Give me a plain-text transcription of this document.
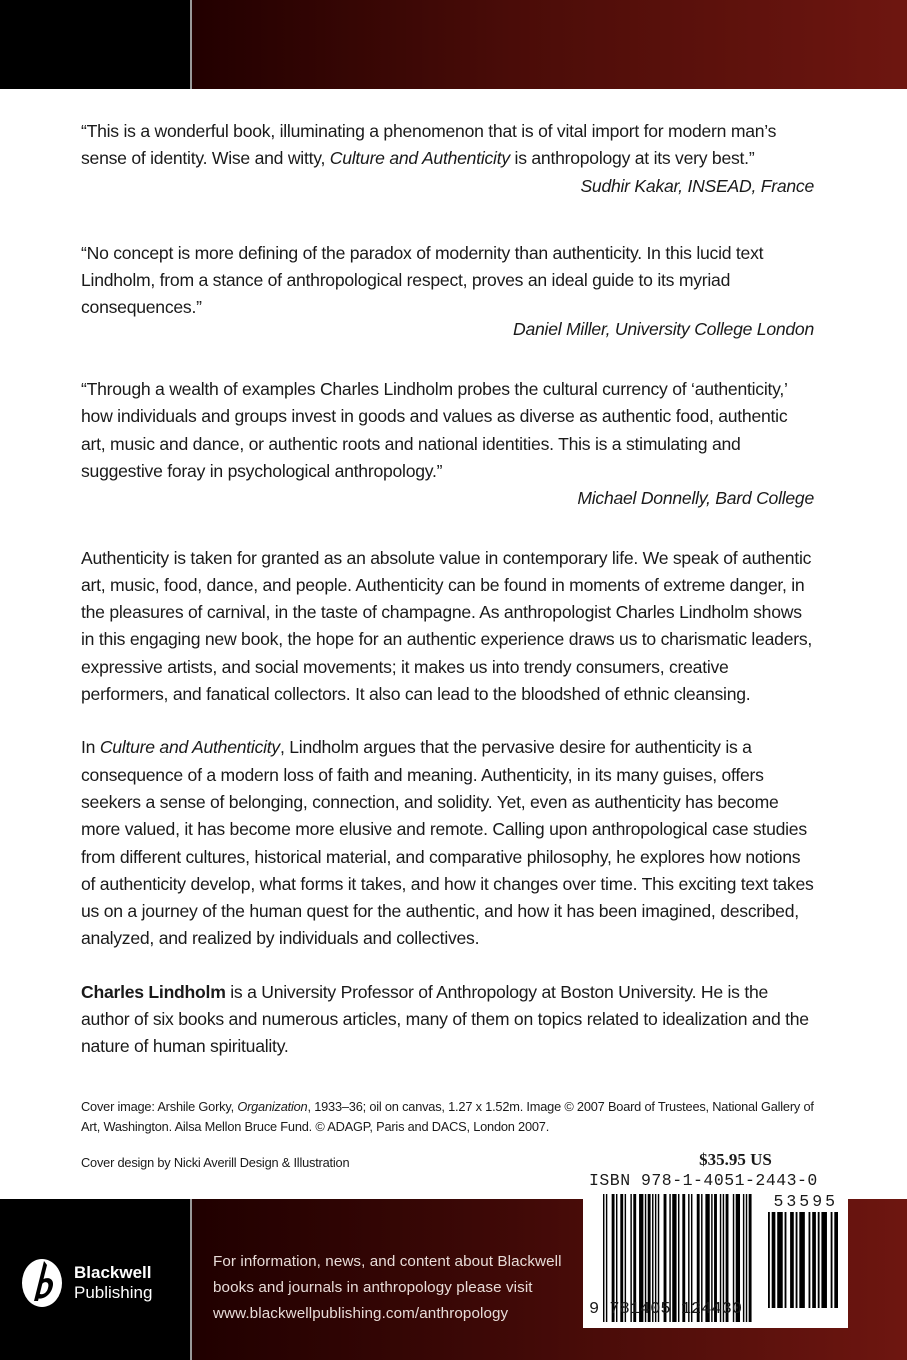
“This is a wonderful book, illuminating a phenomenon that is of vital import for modern man’s sense of identity. Wise and witty, Culture and Authenticity is anthropology at its very best.”

Sudhir Kakar, INSEAD, France

“No concept is more defining of the paradox of modernity than authenticity. In this lucid text Lindholm, from a stance of anthropological respect, proves an ideal guide to its myriad consequences.”

Daniel Miller, University College London

“Through a wealth of examples Charles Lindholm probes the cultural currency of ‘authenticity,’ how individuals and groups invest in goods and values as diverse as authentic food, authentic art, music and dance, or authentic roots and national identities. This is a stimulating and suggestive foray in psychological anthropology.”

Michael Donnelly, Bard College

Authenticity is taken for granted as an absolute value in contemporary life. We speak of authentic art, music, food, dance, and people. Authenticity can be found in moments of extreme danger, in the pleasures of carnival, in the taste of champagne. As anthropologist Charles Lindholm shows in this engaging new book, the hope for an authentic experience draws us to charismatic leaders, expressive artists, and social movements; it makes us into trendy consumers, creative performers, and fanatical collectors. It also can lead to the bloodshed of ethnic cleansing.

In Culture and Authenticity, Lindholm argues that the pervasive desire for authenticity is a consequence of a modern loss of faith and meaning. Authenticity, in its many guises, offers seekers a sense of belonging, connection, and solidity. Yet, even as authenticity has become more valued, it has become more elusive and remote. Calling upon anthropological case studies from different cultures, historical material, and comparative philosophy, he explores how notions of authenticity develop, what forms it takes, and how it changes over time. This exciting text takes us on a journey of the human quest for the authentic, and how it has been imagined, described, analyzed, and realized by individuals and collectives.

Charles Lindholm is a University Professor of Anthropology at Boston University. He is the author of six books and numerous articles, many of them on topics related to idealization and the nature of human spirituality.

Cover image: Arshile Gorky, Organization, 1933–36; oil on canvas, 1.27 x 1.52m. Image © 2007 Board of Trustees, National Gallery of Art, Washington. Ailsa Mellon Bruce Fund. © ADAGP, Paris and DACS, London 2007.

Cover design by Nicki Averill Design & Illustration
Blackwell
Publishing
For information, news, and content about Blackwell
books and journals in anthropology please visit
www.blackwellpublishing.com/anthropology
$35.95 US
ISBN 978-1-4051-2443-0
53595
9 781405 124430
